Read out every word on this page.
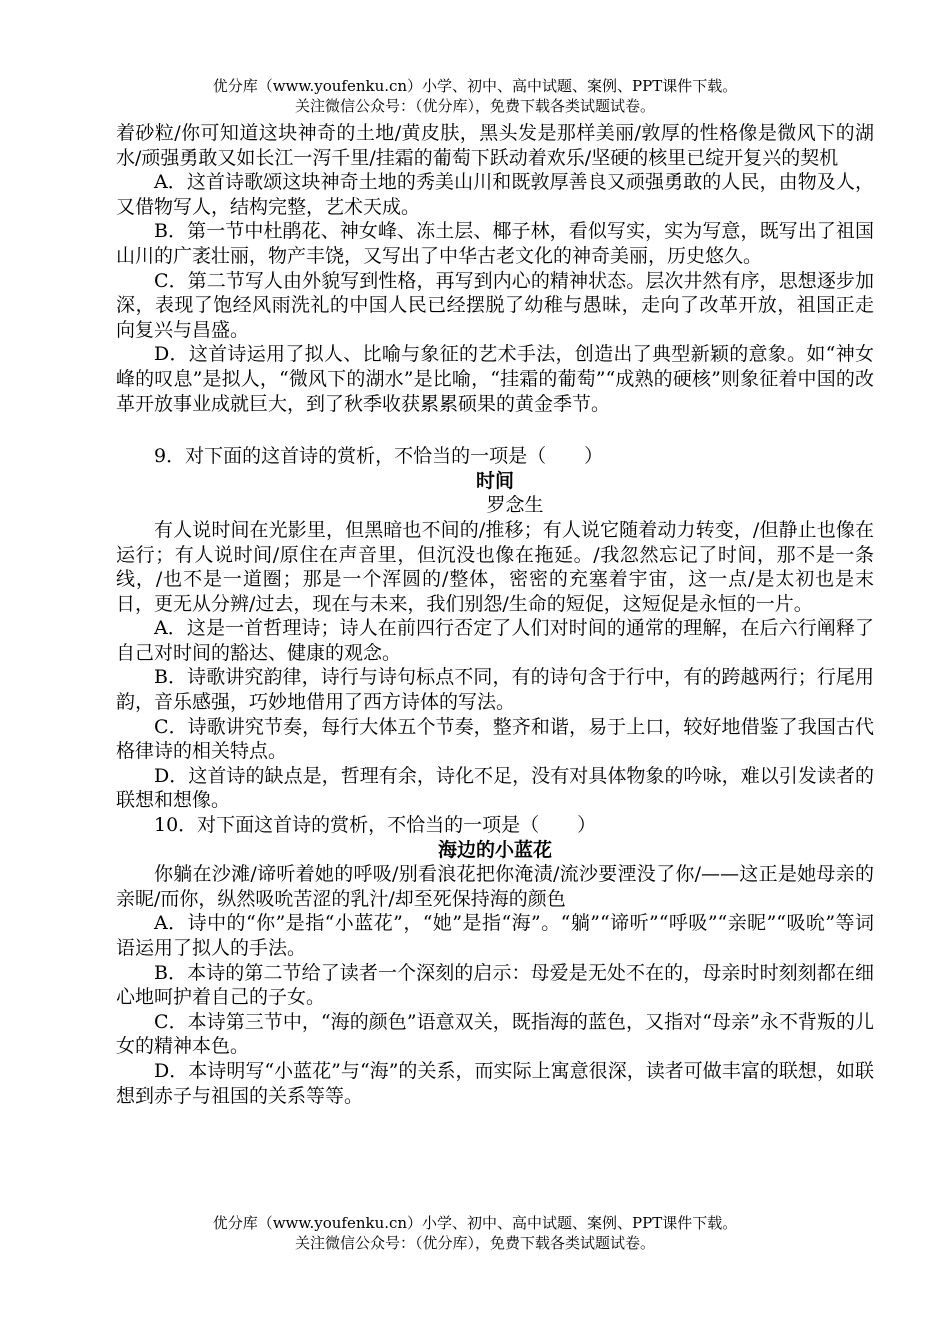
优分库（www.youfenku.cn）小学、初中、高中试题、案例、PPT课件下载。
关注微信公众号：（优分库），免费下载各类试题试卷。

着砂粒/你可知道这块神奇的土地/黄皮肤，黑头发是那样美丽/敦厚的性格像是微风下的湖水/顽强勇敢又如长江一泻千里/挂霜的葡萄下跃动着欢乐/坚硬的核里已绽开复兴的契机

A．这首诗歌颂这块神奇土地的秀美山川和既敦厚善良又顽强勇敢的人民，由物及人，又借物写人，结构完整，艺术天成。

B．第一节中杜鹃花、神女峰、冻土层、椰子林，看似写实，实为写意，既写出了祖国山川的广袤壮丽，物产丰饶，又写出了中华古老文化的神奇美丽，历史悠久。

C．第二节写人由外貌写到性格，再写到内心的精神状态。层次井然有序，思想逐步加深，表现了饱经风雨洗礼的中国人民已经摆脱了幼稚与愚昧，走向了改革开放，祖国正走向复兴与昌盛。

D．这首诗运用了拟人、比喻与象征的艺术手法，创造出了典型新颖的意象。如“神女峰的叹息”是拟人，“微风下的湖水”是比喻，“挂霜的葡萄”“成熟的硬核”则象征着中国的改革开放事业成就巨大，到了秋季收获累累硕果的黄金季节。

9．对下面的这首诗的赏析，不恰当的一项是（　　）

时间

罗念生

有人说时间在光影里，但黑暗也不间的/推移；有人说它随着动力转变，/但静止也像在运行；有人说时间/原住在声音里，但沉没也像在拖延。/我忽然忘记了时间，那不是一条线，/也不是一道圈；那是一个浑圆的/整体，密密的充塞着宇宙，这一点/是太初也是末日，更无从分辨/过去，现在与未来，我们别怨/生命的短促，这短促是永恒的一片。

A．这是一首哲理诗；诗人在前四行否定了人们对时间的通常的理解，在后六行阐释了自己对时间的豁达、健康的观念。

B．诗歌讲究韵律，诗行与诗句标点不同，有的诗句含于行中，有的跨越两行；行尾用韵，音乐感强，巧妙地借用了西方诗体的写法。

C．诗歌讲究节奏，每行大体五个节奏，整齐和谐，易于上口，较好地借鉴了我国古代格律诗的相关特点。

D．这首诗的缺点是，哲理有余，诗化不足，没有对具体物象的吟咏，难以引发读者的联想和想像。

10．对下面这首诗的赏析，不恰当的一项是（　　）

海边的小蓝花

你躺在沙滩/谛听着她的呼吸/别看浪花把你淹渍/流沙要湮没了你/——这正是她母亲的亲昵/而你，纵然吸吮苦涩的乳汁/却至死保持海的颜色

A．诗中的“你”是指“小蓝花”，“她”是指“海”。“躺”“谛听”“呼吸”“亲昵”“吸吮”等词语运用了拟人的手法。

B．本诗的第二节给了读者一个深刻的启示：母爱是无处不在的，母亲时时刻刻都在细心地呵护着自己的子女。

C．本诗第三节中，“海的颜色”语意双关，既指海的蓝色，又指对“母亲”永不背叛的儿女的精神本色。

D．本诗明写“小蓝花”与“海”的关系，而实际上寓意很深，读者可做丰富的联想，如联想到赤子与祖国的关系等等。

优分库（www.youfenku.cn）小学、初中、高中试题、案例、PPT课件下载。
关注微信公众号：（优分库），免费下载各类试题试卷。
